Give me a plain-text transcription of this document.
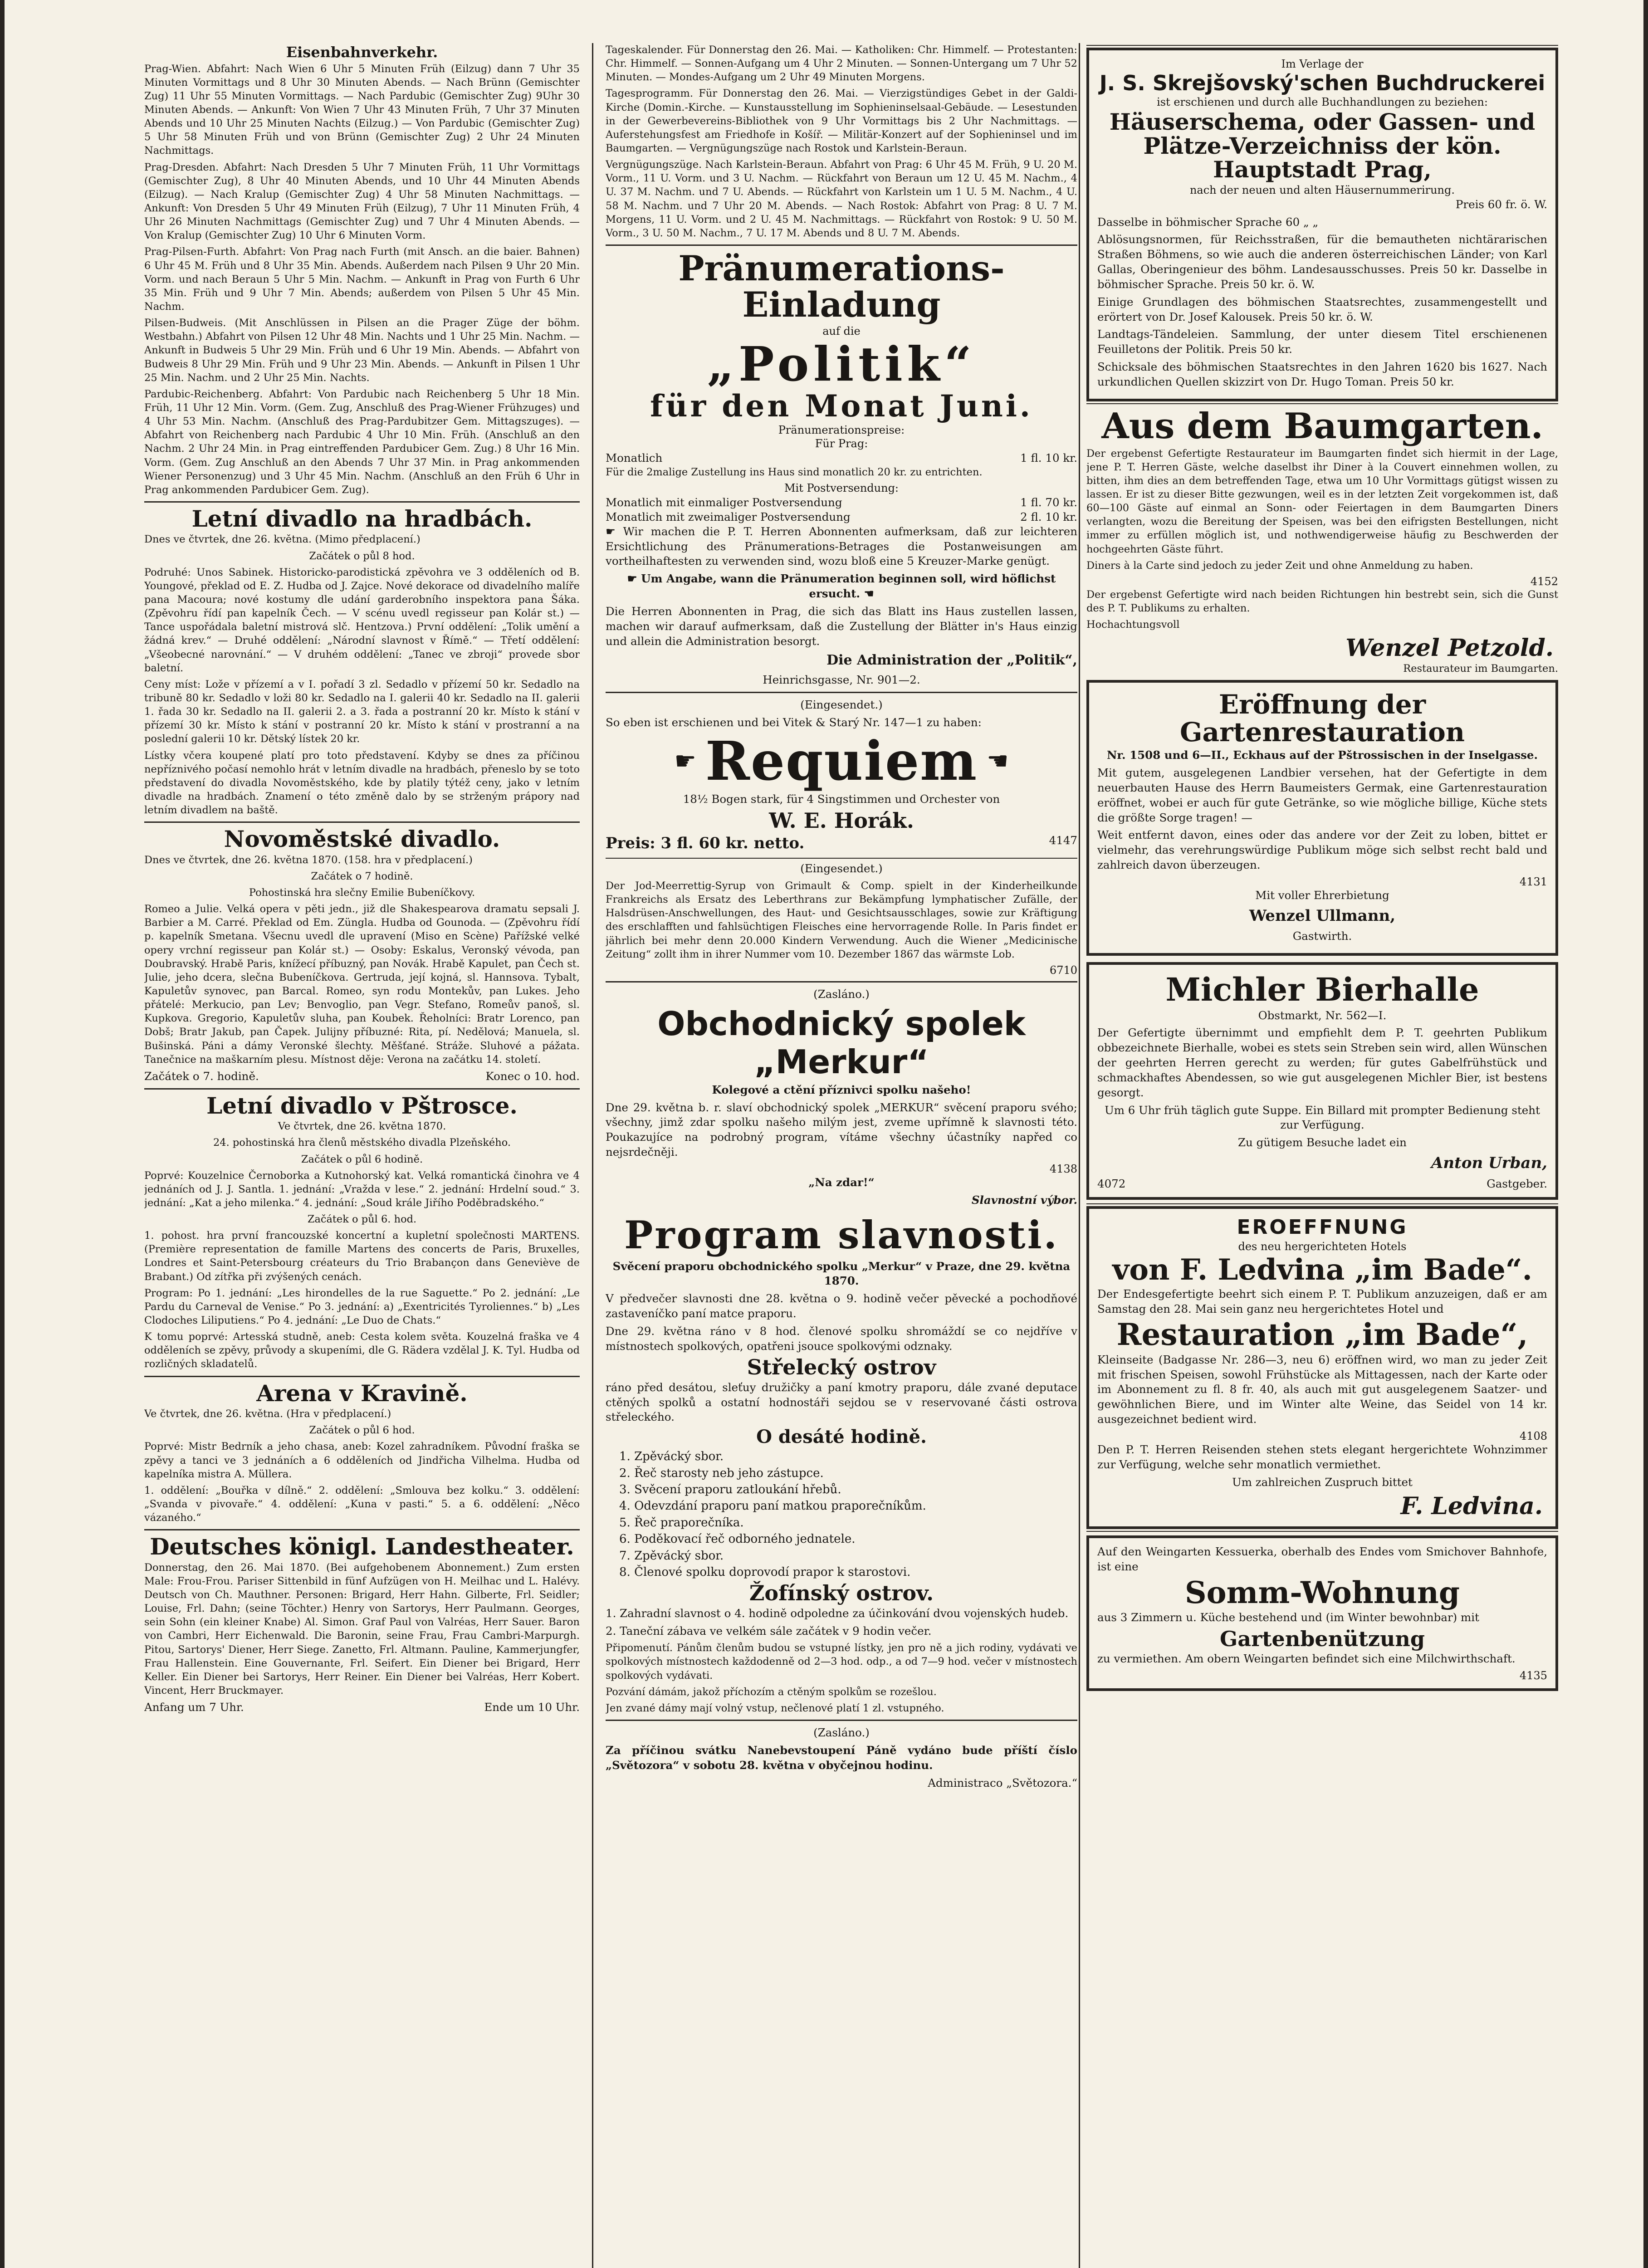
Eisenbahnverkehr.
Prag-Wien. Abfahrt: Nach Wien 6 Uhr 5 Minuten Früh (Eilzug) dann 7 Uhr 35 Minuten Vormittags und 8 Uhr 30 Minuten Abends. — Nach Brünn (Gemischter Zug) 11 Uhr 55 Minuten Vormittags. — Nach Pardubic (Gemischter Zug) 9Uhr 30 Minuten Abends. — Ankunft: Von Wien 7 Uhr 43 Minuten Früh, 7 Uhr 37 Minuten Abends und 10 Uhr 25 Minuten Nachts (Eilzug.) — Von Pardubic (Gemischter Zug) 5 Uhr 58 Minuten Früh und von Brünn (Gemischter Zug) 2 Uhr 24 Minuten Nachmittags.
Prag-Dresden. Abfahrt: Nach Dresden 5 Uhr 7 Minuten Früh, 11 Uhr Vormittags (Gemischter Zug), 8 Uhr 40 Minuten Abends, und 10 Uhr 44 Minuten Abends (Eilzug). — Nach Kralup (Gemischter Zug) 4 Uhr 58 Minuten Nachmittags. — Ankunft: Von Dresden 5 Uhr 49 Minuten Früh (Eilzug), 7 Uhr 11 Minuten Früh, 4 Uhr 26 Minuten Nachmittags (Gemischter Zug) und 7 Uhr 4 Minuten Abends. — Von Kralup (Gemischter Zug) 10 Uhr 6 Minuten Vorm.
Prag-Pilsen-Furth. Abfahrt: Von Prag nach Furth (mit Ansch. an die baier. Bahnen) 6 Uhr 45 M. Früh und 8 Uhr 35 Min. Abends. Außerdem nach Pilsen 9 Uhr 20 Min. Vorm. und nach Beraun 5 Uhr 5 Min. Nachm. — Ankunft in Prag von Furth 6 Uhr 35 Min. Früh und 9 Uhr 7 Min. Abends; außerdem von Pilsen 5 Uhr 45 Min. Nachm.
Pilsen-Budweis. (Mit Anschlüssen in Pilsen an die Prager Züge der böhm. Westbahn.) Abfahrt von Pilsen 12 Uhr 48 Min. Nachts und 1 Uhr 25 Min. Nachm. — Ankunft in Budweis 5 Uhr 29 Min. Früh und 6 Uhr 19 Min. Abends. — Abfahrt von Budweis 8 Uhr 29 Min. Früh und 9 Uhr 23 Min. Abends. — Ankunft in Pilsen 1 Uhr 25 Min. Nachm. und 2 Uhr 25 Min. Nachts.
Pardubic-Reichenberg. Abfahrt: Von Pardubic nach Reichenberg 5 Uhr 18 Min. Früh, 11 Uhr 12 Min. Vorm. (Gem. Zug, Anschluß des Prag-Wiener Frühzuges) und 4 Uhr 53 Min. Nachm. (Anschluß des Prag-Pardubitzer Gem. Mittagszuges). — Abfahrt von Reichenberg nach Pardubic 4 Uhr 10 Min. Früh. (Anschluß an den Nachm. 2 Uhr 24 Min. in Prag eintreffenden Pardubicer Gem. Zug.) 8 Uhr 16 Min. Vorm. (Gem. Zug Anschluß an den Abends 7 Uhr 37 Min. in Prag ankommenden Wiener Personenzug) und 3 Uhr 45 Min. Nachm. (Anschluß an den Früh 6 Uhr in Prag ankommenden Pardubicer Gem. Zug).
Letní divadlo na hradbách.
Dnes ve čtvrtek, dne 26. května. (Mimo předplacení.)
Začátek o půl 8 hod.
Podruhé: Unos Sabinek. Historicko-parodistická zpěvohra ve 3 odděleních od B. Youngové, překlad od E. Z. Hudba od J. Zajce. Nové dekorace od divadelního malíře pana Macoura; nové kostumy dle udání garderobního inspektora pana Šáka. (Zpěvohru řídí pan kapelník Čech. — V scénu uvedl regisseur pan Kolár st.) — Tance uspořádala baletní mistrová slč. Hentzova.) První oddělení: „Tolik umění a žádná krev.“ — Druhé oddělení: „Národní slavnost v Římě.“ — Třetí oddělení: „Všeobecné narovnání.“ — V druhém oddělení: „Tanec ve zbroji“ provede sbor baletní.
Ceny míst: Lože v přízemí a v I. pořadí 3 zl. Sedadlo v přízemí 50 kr. Sedadlo na tribuně 80 kr. Sedadlo v loži 80 kr. Sedadlo na I. galerii 40 kr. Sedadlo na II. galerii 1. řada 30 kr. Sedadlo na II. galerii 2. a 3. řada a postranní 20 kr. Místo k stání v přízemí 30 kr. Místo k stání v postranní 20 kr. Místo k stání v prostranní a na poslední galerii 10 kr. Dětský lístek 20 kr.
Lístky včera koupené platí pro toto představení. Kdyby se dnes za příčinou nepříznivého počasí nemohlo hrát v letním divadle na hradbách, přeneslo by se toto představení do divadla Novoměstského, kde by platily týtéž ceny, jako v letním divadle na hradbách. Znamení o této změně dalo by se strženým prápory nad letním divadlem na baště.
Novoměstské divadlo.
Dnes ve čtvrtek, dne 26. května 1870. (158. hra v předplacení.)
Začátek o 7 hodině.
Pohostinská hra slečny Emilie Bubeníčkovy.
Romeo a Julie. Velká opera v pěti jedn., již dle Shakespearova dramatu sepsali J. Barbier a M. Carré. Překlad od Em. Züngla. Hudba od Gounoda. — (Zpěvohru řídí p. kapelník Smetana. Všecnu uvedl dle upravení (Miso en Scène) Pařížské velké opery vrchní regisseur pan Kolár st.) — Osoby: Eskalus, Veronský vévoda, pan Doubravský. Hrabě Paris, knížecí příbuzný, pan Novák. Hrabě Kapulet, pan Čech st. Julie, jeho dcera, slečna Bubeníčkova. Gertruda, její kojná, sl. Hannsova. Tybalt, Kapuletův synovec, pan Barcal. Romeo, syn rodu Montekův, pan Lukes. Jeho přátelé: Merkucio, pan Lev; Benvoglio, pan Vegr. Stefano, Romeův panoš, sl. Kupkova. Gregorio, Kapuletův sluha, pan Koubek. Řeholníci: Bratr Lorenco, pan Dobš; Bratr Jakub, pan Čapek. Julijny příbuzné: Rita, pí. Nedělová; Manuela, sl. Bušinská. Páni a dámy Veronské šlechty. Měšťané. Stráže. Sluhové a pážata. Tanečnice na maškarním plesu. Místnost děje: Verona na začátku 14. století.
Začátek o 7. hodině.	Konec o 10. hod.
Letní divadlo v Pštrosce.
Ve čtvrtek, dne 26. května 1870.
24. pohostinská hra členů městského divadla Plzeňského.
Začátek o půl 6 hodině.
Poprvé: Kouzelnice Černoborka a Kutnohorský kat. Velká romantická činohra ve 4 jednáních od J. J. Santla. 1. jednání: „Vražda v lese.“ 2. jednání: Hrdelní soud.“ 3. jednání: „Kat a jeho milenka.“ 4. jednání: „Soud krále Jiřího Poděbradského.“
Začátek o půl 6. hod.
1. pohost. hra první francouzské koncertní a kupletní společnosti MARTENS. (Première representation de famille Martens des concerts de Paris, Bruxelles, Londres et Saint-Petersbourg créateurs du Trio Brabançon dans Geneviève de Brabant.) Od zítřka při zvýšených cenách.
Program: Po 1. jednání: „Les hirondelles de la rue Saguette.“ Po 2. jednání: „Le Pardu du Carneval de Venise.“ Po 3. jednání: a) „Exentricités Tyroliennes.“ b) „Les Clodoches Liliputiens.“ Po 4. jednání: „Le Duo de Chats.“
K tomu poprvé: Artesská studně, aneb: Cesta kolem světa. Kouzelná fraška ve 4 odděleních se zpěvy, průvody a skupeními, dle G. Rädera vzdělal J. K. Tyl. Hudba od rozličných skladatelů.
Arena v Kravině.
Ve čtvrtek, dne 26. května. (Hra v předplacení.)
Začátek o půl 6 hod.
Poprvé: Mistr Bedrník a jeho chasa, aneb: Kozel zahradníkem. Původní fraška se zpěvy a tanci ve 3 jednáních a 6 odděleních od Jindřicha Vilhelma. Hudba od kapelníka mistra A. Müllera.
1. oddělení: „Bouřka v dílně.“ 2. oddělení: „Smlouva bez kolku.“ 3. oddělení: „Svanda v pivovaře.“ 4. oddělení: „Kuna v pasti.“ 5. a 6. oddělení: „Něco vázaného.“
Deutsches königl. Landestheater.
Donnerstag, den 26. Mai 1870. (Bei aufgehobenem Abonnement.) Zum ersten Male: Frou-Frou. Pariser Sittenbild in fünf Aufzügen von H. Meilhac und L. Halévy. Deutsch von Ch. Mauthner. Personen: Brigard, Herr Hahn. Gilberte, Frl. Seidler; Louise, Frl. Dahn; (seine Töchter.) Henry von Sartorys, Herr Paulmann. Georges, sein Sohn (ein kleiner Knabe) Al. Simon. Graf Paul von Valréas, Herr Sauer. Baron von Cambri, Herr Eichenwald. Die Baronin, seine Frau, Frau Cambri-Marpurgh. Pitou, Sartorys' Diener, Herr Siege. Zanetto, Frl. Altmann. Pauline, Kammerjungfer, Frau Hallenstein. Eine Gouvernante, Frl. Seifert. Ein Diener bei Brigard, Herr Keller. Ein Diener bei Sartorys, Herr Reiner. Ein Diener bei Valréas, Herr Kobert. Vincent, Herr Bruckmayer.
Anfang um 7 Uhr.	Ende um 10 Uhr.
Tageskalender. Für Donnerstag den 26. Mai. — Katholiken: Chr. Himmelf. — Protestanten: Chr. Himmelf. — Sonnen-Aufgang um 4 Uhr 2 Minuten. — Sonnen-Untergang um 7 Uhr 52 Minuten. — Mondes-Aufgang um 2 Uhr 49 Minuten Morgens.
Tagesprogramm. Für Donnerstag den 26. Mai. — Vierzigstündiges Gebet in der Galdi-Kirche (Domin.-Kirche. — Kunstausstellung im Sophieninselsaal-Gebäude. — Lesestunden in der Gewerbevereins-Bibliothek von 9 Uhr Vormittags bis 2 Uhr Nachmittags. — Auferstehungsfest am Friedhofe in Košíř. — Militär-Konzert auf der Sophieninsel und im Baumgarten. — Vergnügungszüge nach Rostok und Karlstein-Beraun.
Vergnügungszüge. Nach Karlstein-Beraun. Abfahrt von Prag: 6 Uhr 45 M. Früh, 9 U. 20 M. Vorm., 11 U. Vorm. und 3 U. Nachm. — Rückfahrt von Beraun um 12 U. 45 M. Nachm., 4 U. 37 M. Nachm. und 7 U. Abends. — Rückfahrt von Karlstein um 1 U. 5 M. Nachm., 4 U. 58 M. Nachm. und 7 Uhr 20 M. Abends. — Nach Rostok: Abfahrt von Prag: 8 U. 7 M. Morgens, 11 U. Vorm. und 2 U. 45 M. Nachmittags. — Rückfahrt von Rostok: 9 U. 50 M. Vorm., 3 U. 50 M. Nachm., 7 U. 17 M. Abends und 8 U. 7 M. Abends.
Pränumerations-Einladung
auf die
„Politik“
für den Monat Juni.
Pränumerationspreise:
Für Prag:
Monatlich	1 fl. 10 kr.
Für die 2malige Zustellung ins Haus sind monatlich 20 kr. zu entrichten.
Mit Postversendung:
Monatlich mit einmaliger Postversendung	1 fl. 70 kr.
Monatlich mit zweimaliger Postversendung	2 fl. 10 kr.
☛ Wir machen die P. T. Herren Abonnenten aufmerksam, daß zur leichteren Ersichtlichung des Pränumerations-Betrages die Postanweisungen am vortheilhaftesten zu verwenden sind, wozu bloß eine 5 Kreuzer-Marke genügt.
☛ Um Angabe, wann die Pränumeration beginnen soll, wird höflichst ersucht. ☚
Die Herren Abonnenten in Prag, die sich das Blatt ins Haus zustellen lassen, machen wir darauf aufmerksam, daß die Zustellung der Blätter in's Haus einzig und allein die Administration besorgt.
Die Administration der „Politik“,
Heinrichsgasse, Nr. 901—2.
(Eingesendet.)
So eben ist erschienen und bei Vitek & Starý Nr. 147—1 zu haben:
☛ Requiem ☚
18½ Bogen stark, für 4 Singstimmen und Orchester von
W. E. Horák.
Preis: 3 fl. 60 kr. netto.	4147
(Eingesendet.)
Der Jod-Meerrettig-Syrup von Grimault & Comp. spielt in der Kinderheilkunde Frankreichs als Ersatz des Leberthrans zur Bekämpfung lymphatischer Zufälle, der Halsdrüsen-Anschwellungen, des Haut- und Gesichtsausschlages, sowie zur Kräftigung des erschlafften und fahlsüchtigen Fleisches eine hervorragende Rolle. In Paris findet er jährlich bei mehr denn 20.000 Kindern Verwendung. Auch die Wiener „Medicinische Zeitung“ zollt ihm in ihrer Nummer vom 10. Dezember 1867 das wärmste Lob.
6710
(Zasláno.)
Obchodnický spolek „Merkur“
Kolegové a ctění příznivci spolku našeho!
Dne 29. května b. r. slaví obchodnický spolek „MERKUR“ svěcení praporu svého; všechny, jimž zdar spolku našeho milým jest, zveme upřímně k slavnosti této. Poukazujíce na podrobný program, vítáme všechny účastníky napřed co nejsrdečněji.
4138
„Na zdar!“
Slavnostní výbor.
Program slavnosti.
Svěcení praporu obchodnického spolku „Merkur“ v Praze, dne 29. května 1870.
V předvečer slavnosti dne 28. května o 9. hodině večer pěvecké a pochodňové zastaveníčko paní matce praporu.
Dne 29. května ráno v 8 hod. členové spolku shromáždí se co nejdříve v místnostech spolkových, opatřeni jsouce spolkovými odznaky.
Střelecký ostrov
ráno před desátou, sleťuy družičky a paní kmotry praporu, dále zvané deputace ctěných spolků a ostatní hodnostáři sejdou se v reservované části ostrova střeleckého.
O desáté hodině.
1. Zpěvácký sbor.
2. Řeč starosty neb jeho zástupce.
3. Svěcení praporu zatloukání hřebů.
4. Odevzdání praporu paní matkou praporečníkům.
5. Řeč praporečníka.
6. Poděkovací řeč odborného jednatele.
7. Zpěvácký sbor.
8. Členové spolku doprovodí prapor k starostovi.
Žofínský ostrov.
1. Zahradní slavnost o 4. hodině odpoledne za účinkování dvou vojenských hudeb.
2. Taneční zábava ve velkém sále začátek v 9 hodin večer.
Připomenutí. Pánům členům budou se vstupné lístky, jen pro ně a jich rodiny, vydávati ve spolkových místnostech každodenně od 2—3 hod. odp., a od 7—9 hod. večer v místnostech spolkových vydávati.
Pozvání dámám, jakož příchozím a ctěným spolkům se rozešlou.
Jen zvané dámy mají volný vstup, nečlenové platí 1 zl. vstupného.
(Zasláno.)
Za příčinou svátku Nanebevstoupení Páně vydáno bude příští číslo „Světozora“ v sobotu 28. května v obyčejnou hodinu.
Administraco „Světozora.“
Im Verlage der
J. S. Skrejšovský'schen Buchdruckerei
ist erschienen und durch alle Buchhandlungen zu beziehen:
Häuserschema, oder Gassen- und Plätze-Verzeichniss der kön. Hauptstadt Prag,
nach der neuen und alten Häusernummerirung.
Preis 60 fr. ö. W.
Dasselbe in böhmischer Sprache 60 „ „
Ablösungsnormen, für Reichsstraßen, für die bemautheten nichtärarischen Straßen Böhmens, so wie auch die anderen österreichischen Länder; von Karl Gallas, Oberingenieur des böhm. Landesausschusses. Preis 50 kr. Dasselbe in böhmischer Sprache. Preis 50 kr. ö. W.
Einige Grundlagen des böhmischen Staatsrechtes, zusammengestellt und erörtert von Dr. Josef Kalousek. Preis 50 kr. ö. W.
Landtags-Tändeleien. Sammlung, der unter diesem Titel erschienenen Feuilletons der Politik. Preis 50 kr.
Schicksale des böhmischen Staatsrechtes in den Jahren 1620 bis 1627. Nach urkundlichen Quellen skizzirt von Dr. Hugo Toman. Preis 50 kr.
Aus dem Baumgarten.
Der ergebenst Gefertigte Restaurateur im Baumgarten findet sich hiermit in der Lage, jene P. T. Herren Gäste, welche daselbst ihr Diner à la Couvert einnehmen wollen, zu bitten, ihm dies an dem betreffenden Tage, etwa um 10 Uhr Vormittags gütigst wissen zu lassen. Er ist zu dieser Bitte gezwungen, weil es in der letzten Zeit vorgekommen ist, daß 60—100 Gäste auf einmal an Sonn- oder Feiertagen in dem Baumgarten Diners verlangten, wozu die Bereitung der Speisen, was bei den eifrigsten Bestellungen, nicht immer zu erfüllen möglich ist, und nothwendigerweise häufig zu Beschwerden der hochgeehrten Gäste führt.
Diners à la Carte sind jedoch zu jeder Zeit und ohne Anmeldung zu haben.
4152
Der ergebenst Gefertigte wird nach beiden Richtungen hin bestrebt sein, sich die Gunst des P. T. Publikums zu erhalten.
Hochachtungsvoll
Wenzel Petzold.
Restaurateur im Baumgarten.
Eröffnung der Gartenrestauration
Nr. 1508 und 6—II., Eckhaus auf der Pštrossischen in der Inselgasse.
Mit gutem, ausgelegenen Landbier versehen, hat der Gefertigte in dem neuerbauten Hause des Herrn Baumeisters Germak, eine Gartenrestauration eröffnet, wobei er auch für gute Getränke, so wie mögliche billige, Küche stets die größte Sorge tragen! —
Weit entfernt davon, eines oder das andere vor der Zeit zu loben, bittet er vielmehr, das verehrungswürdige Publikum möge sich selbst recht bald und zahlreich davon überzeugen.
4131
Mit voller Ehrerbietung
Wenzel Ullmann,
Gastwirth.
Michler Bierhalle
Obstmarkt, Nr. 562—I.
Der Gefertigte übernimmt und empfiehlt dem P. T. geehrten Publikum obbezeichnete Bierhalle, wobei es stets sein Streben sein wird, allen Wünschen der geehrten Herren gerecht zu werden; für gutes Gabelfrühstück und schmackhaftes Abendessen, so wie gut ausgelegenen Michler Bier, ist bestens gesorgt.
Um 6 Uhr früh täglich gute Suppe. Ein Billard mit prompter Bedienung steht zur Verfügung.
Zu gütigem Besuche ladet ein
Anton Urban,
4072	Gastgeber.
EROEFFNUNG
des neu hergerichteten Hotels
von F. Ledvina „im Bade“.
Der Endesgefertigte beehrt sich einem P. T. Publikum anzuzeigen, daß er am Samstag den 28. Mai sein ganz neu hergerichtetes Hotel und
Restauration „im Bade“,
Kleinseite (Badgasse Nr. 286—3, neu 6) eröffnen wird, wo man zu jeder Zeit mit frischen Speisen, sowohl Frühstücke als Mittagessen, nach der Karte oder im Abonnement zu fl. 8 fr. 40, als auch mit gut ausgelegenem Saatzer- und gewöhnlichen Biere, und im Winter alte Weine, das Seidel von 14 kr. ausgezeichnet bedient wird.
4108
Den P. T. Herren Reisenden stehen stets elegant hergerichtete Wohnzimmer zur Verfügung, welche sehr monatlich vermiethet.
Um zahlreichen Zuspruch bittet
F. Ledvina.
Auf den Weingarten Kessuerka, oberhalb des Endes vom Smichover Bahnhofe, ist eine
Somm-Wohnung
aus 3 Zimmern u. Küche bestehend und (im Winter bewohnbar) mit
Gartenbenützung
zu vermiethen. Am obern Weingarten befindet sich eine Milchwirthschaft.
4135
